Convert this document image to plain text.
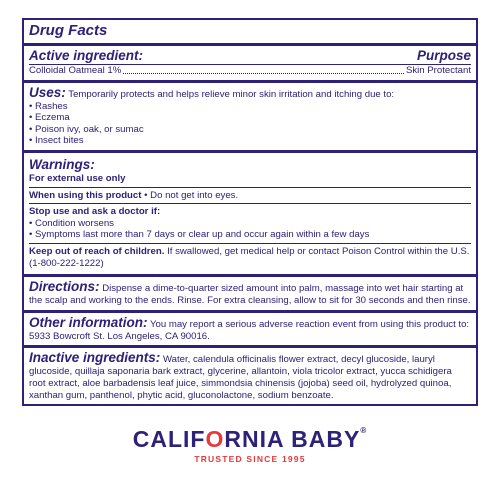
Drug Facts
Active ingredient:	Purpose
Colloidal Oatmeal 1%	Skin Protectant
Uses: Temporarily protects and helps relieve minor skin irritation and itching due to:
• Rashes
• Eczema
• Poison ivy, oak, or sumac
• Insect bites
Warnings:
For external use only
When using this product • Do not get into eyes.
Stop use and ask a doctor if:
• Condition worsens
• Symptoms last more than 7 days or clear up and occur again within a few days
Keep out of reach of children. If swallowed, get medical help or contact Poison Control within the U.S. (1-800-222-1222)
Directions: Dispense a dime-to-quarter sized amount into palm, massage into wet hair starting at the scalp and working to the ends. Rinse. For extra cleansing, allow to sit for 30 seconds and then rinse.
Other information: You may report a serious adverse reaction event from using this product to: 5933 Bowcroft St. Los Angeles, CA 90016.
Inactive ingredients: Water, calendula officinalis flower extract, decyl glucoside, lauryl glucoside, quillaja saponaria bark extract, glycerine, allantoin, viola tricolor extract, yucca schidigera root extract, aloe barbadensis leaf juice, simmondsia chinensis (jojoba) seed oil, hydrolyzed quinoa, xanthan gum, panthenol, phytic acid, gluconolactone, sodium benzoate.
CALIFORNIA BABY®
TRUSTED SINCE 1995
